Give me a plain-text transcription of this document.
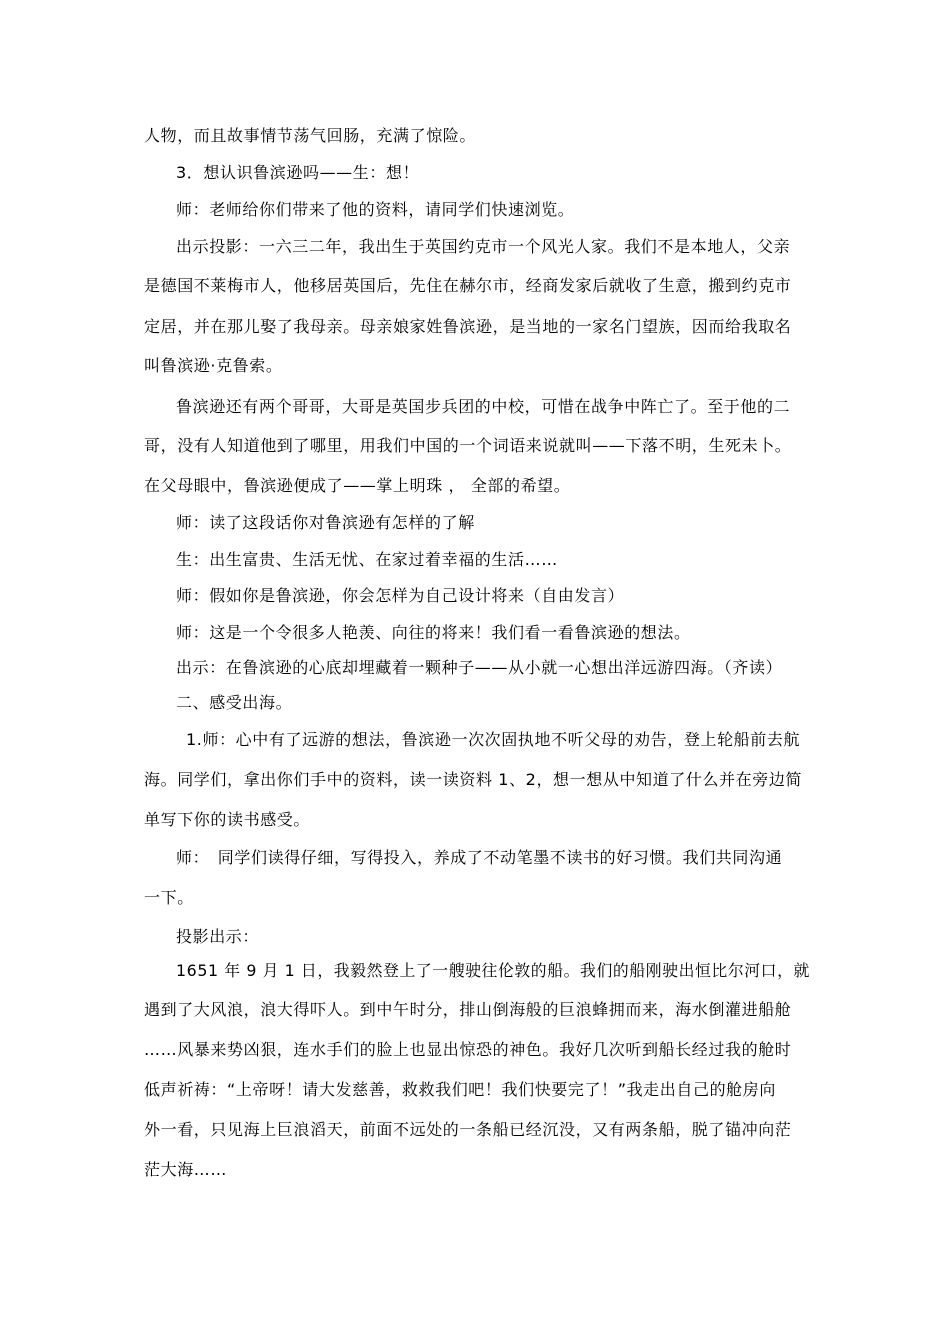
人物，而且故事情节荡气回肠，充满了惊险。
3．想认识鲁滨逊吗——生：想！
师：老师给你们带来了他的资料，请同学们快速浏览。
出示投影：一六三二年，我出生于英国约克市一个风光人家。我们不是本地人，父亲
是德国不莱梅市人，他移居英国后，先住在赫尔市，经商发家后就收了生意，搬到约克市
定居，并在那儿娶了我母亲。母亲娘家姓鲁滨逊，是当地的一家名门望族，因而给我取名
叫鲁滨逊·克鲁索。
鲁滨逊还有两个哥哥，大哥是英国步兵团的中校，可惜在战争中阵亡了。至于他的二
哥，没有人知道他到了哪里，用我们中国的一个词语来说就叫——下落不明，生死未卜。
在父母眼中，鲁滨逊便成了——掌上明珠 ， 全部的希望。
师：读了这段话你对鲁滨逊有怎样的了解
生：出生富贵、生活无忧、在家过着幸福的生活……
师：假如你是鲁滨逊，你会怎样为自己设计将来（自由发言）
师：这是一个令很多人艳羡、向往的将来！我们看一看鲁滨逊的想法。
出示：在鲁滨逊的心底却埋藏着一颗种子——从小就一心想出洋远游四海。（齐读）
二、感受出海。
1.师：心中有了远游的想法，鲁滨逊一次次固执地不听父母的劝告，登上轮船前去航
海。同学们，拿出你们手中的资料，读一读资料 1、2，想一想从中知道了什么并在旁边简
单写下你的读书感受。
师：　同学们读得仔细，写得投入，养成了不动笔墨不读书的好习惯。我们共同沟通
一下。
投影出示：
1651 年 9 月 1 日，我毅然登上了一艘驶往伦敦的船。我们的船刚驶出恒比尔河口，就
遇到了大风浪，浪大得吓人。到中午时分，排山倒海般的巨浪蜂拥而来，海水倒灌进船舱
……风暴来势凶狠，连水手们的脸上也显出惊恐的神色。我好几次听到船长经过我的舱时
低声祈祷：“上帝呀！请大发慈善，救救我们吧！我们快要完了！”我走出自己的舱房向
外一看，只见海上巨浪滔天，前面不远处的一条船已经沉没，又有两条船，脱了锚冲向茫
茫大海……
